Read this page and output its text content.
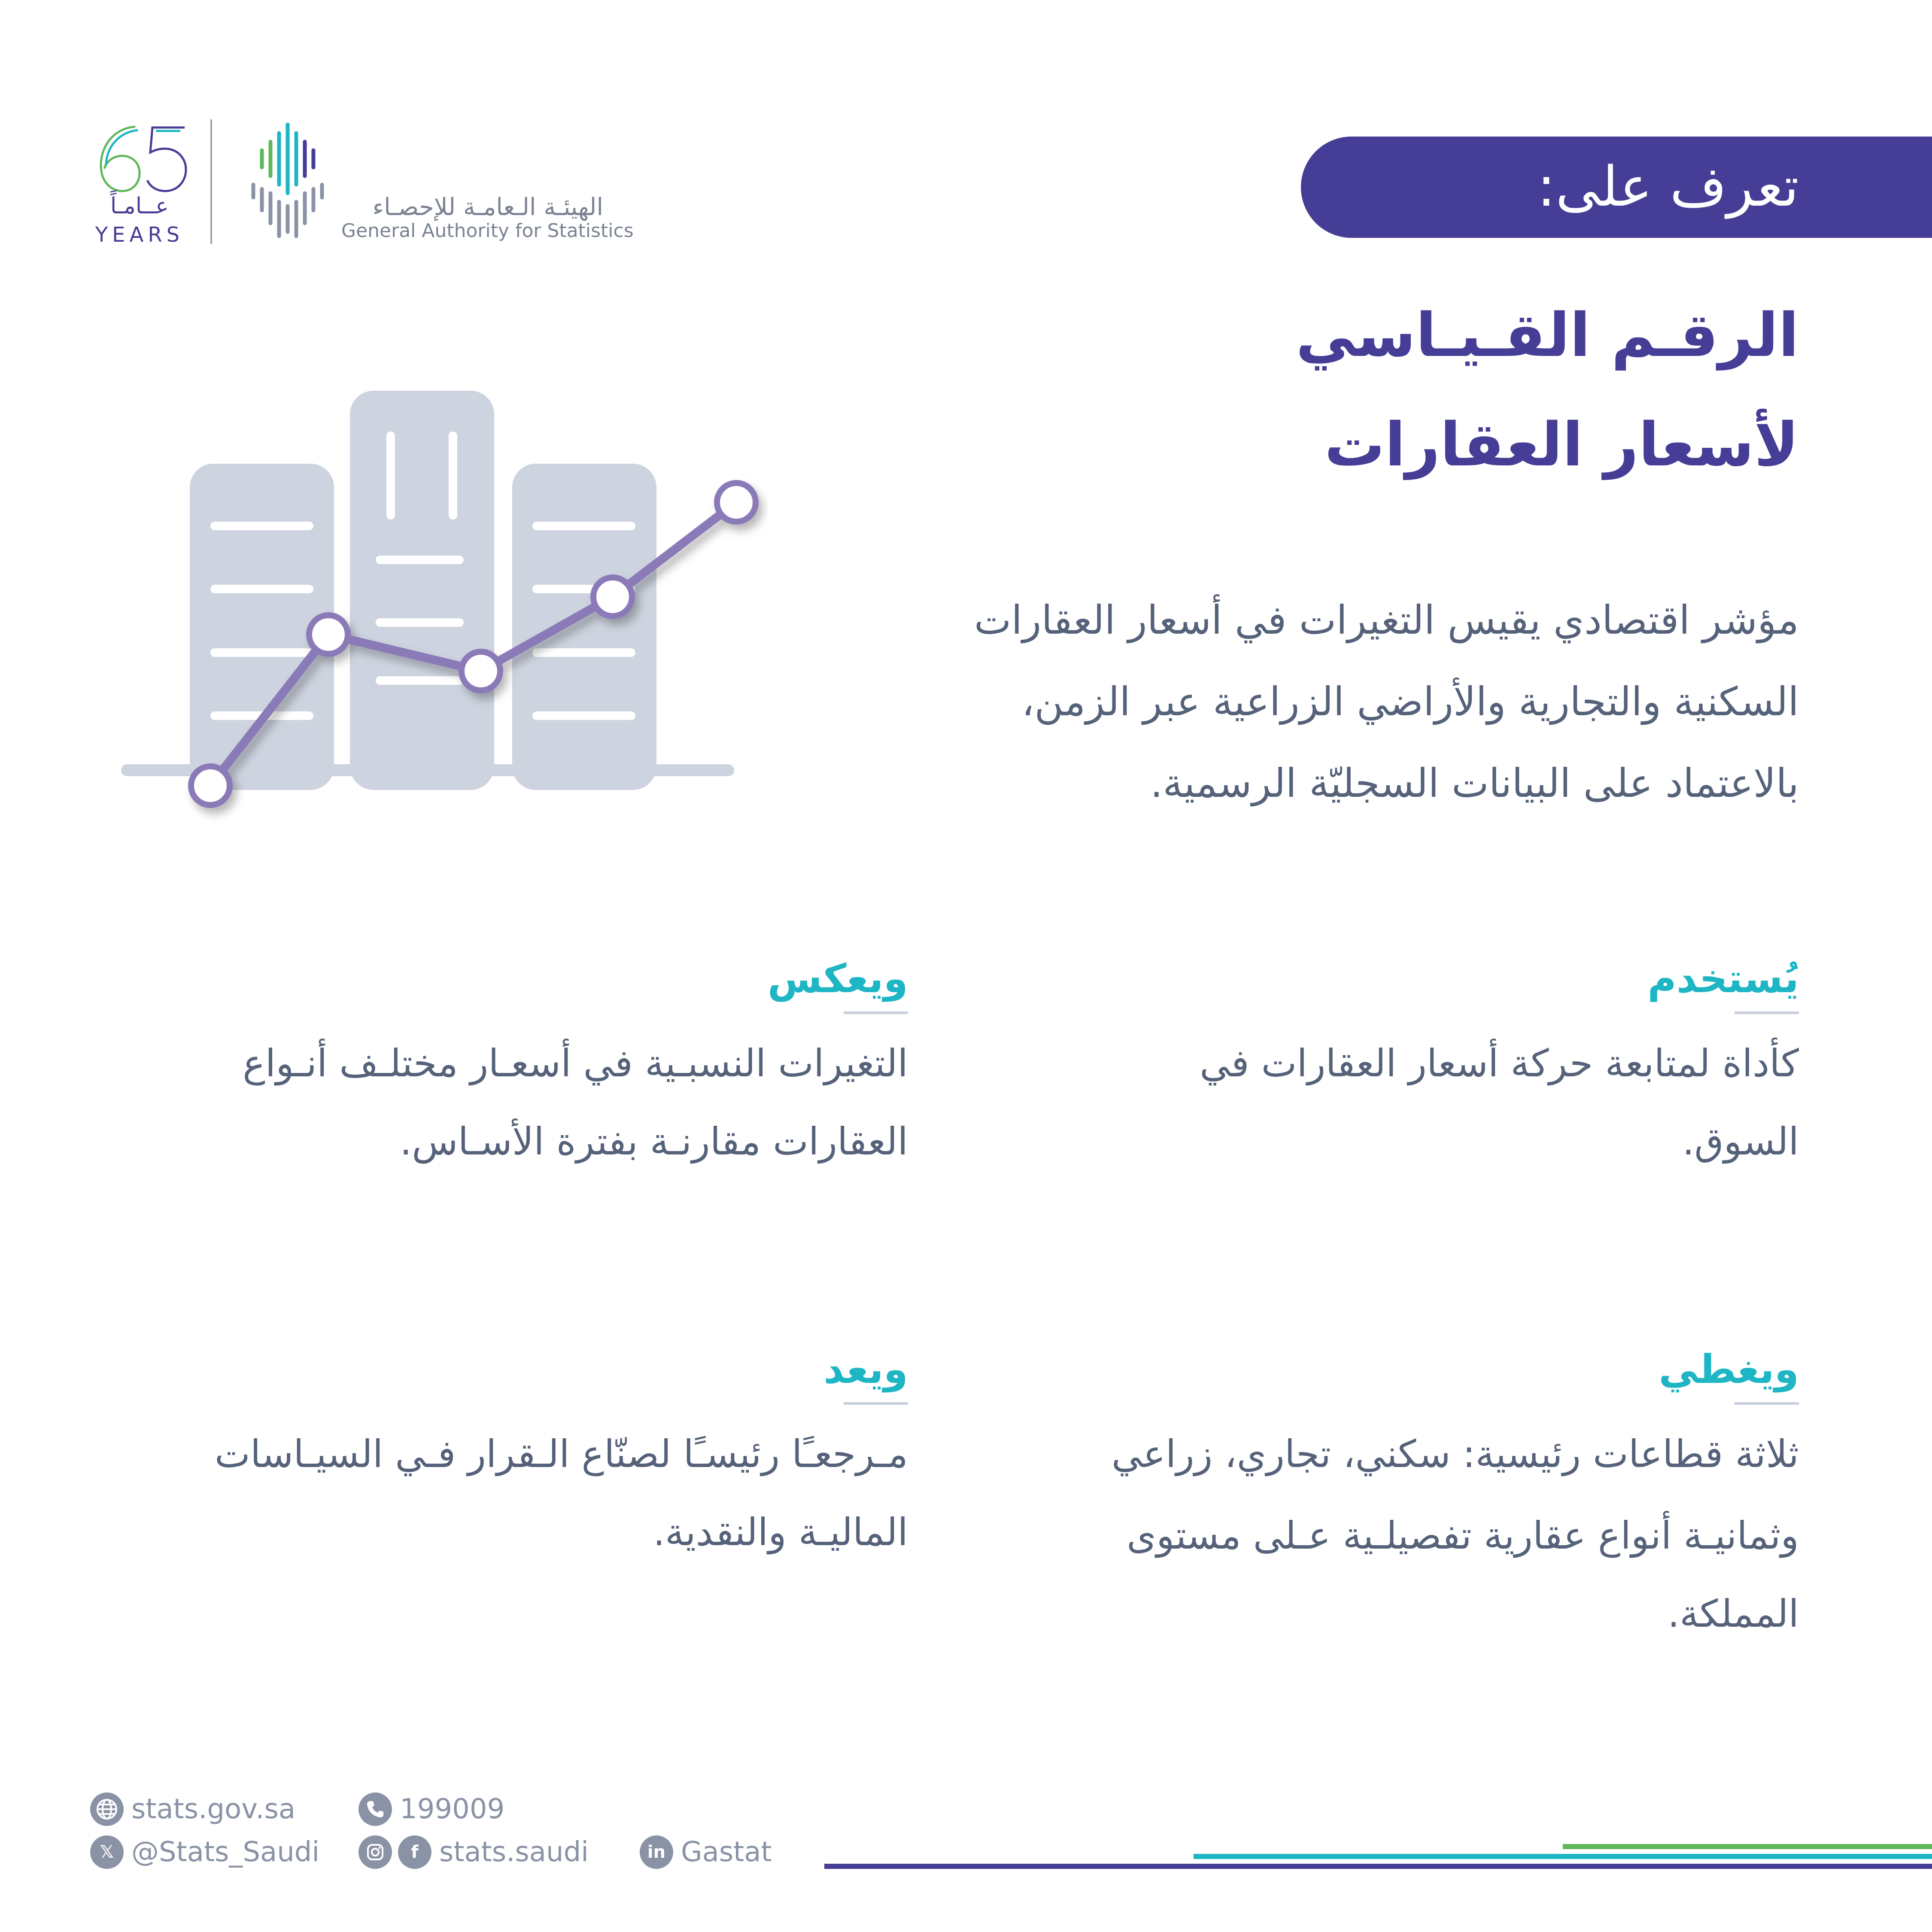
تعرف على:
عــامـاً
YEARS
الهيئـة الـعامـة للإحصـاء
General Authority for Statistics
الرقـم القـيـاسي
لأسعار العقارات
مؤشر اقتصادي يقيس التغيرات في أسعار العقارات السكنية والتجارية والأراضي الزراعية عبر الزمن، بالاعتماد على البيانات السجليّة الرسمية.
يُستخدم
كأداة لمتابعة حركة أسعار العقارات في السوق.
ويعكس
التغيرات النسبـية في أسعـار مختلـف أنـواع العقارات مقارنـة بفترة الأسـاس.
ويغطي
ثلاثة قطاعات رئيسية: سكني، تجاري، زراعي
وثمانيـة أنواع عقارية تفصيلـية عـلى مستوى المملكة.
ويعد
مـرجعـًا رئيسـًا لصنّاع الـقرار فـي السيـاسات الماليـة والنقدية.
stats.gov.sa	199009
𝕏 @Stats_Saudi	f stats.saudi	in Gastat
